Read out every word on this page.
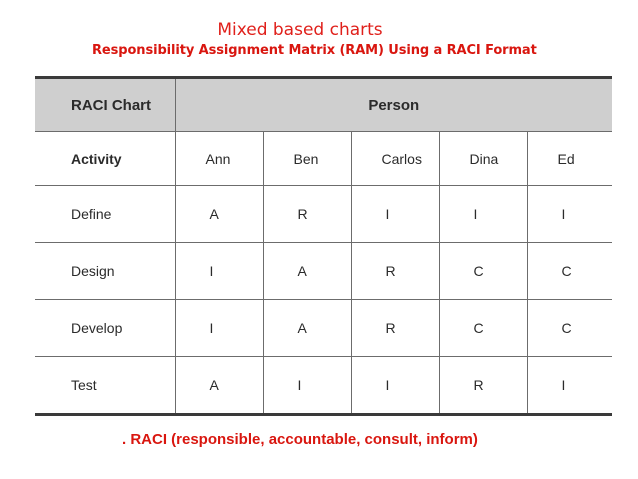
Mixed based charts
Responsibility Assignment Matrix (RAM) Using a RACI Format
RACI Chart	Person				
Activity	Ann	Ben	Carlos	Dina	Ed
Define	A	R	I	I	I
Design	I	A	R	C	C
Develop	I	A	R	C	C
Test	A	I	I	R	I
. RACI (responsible, accountable, consult, inform)
